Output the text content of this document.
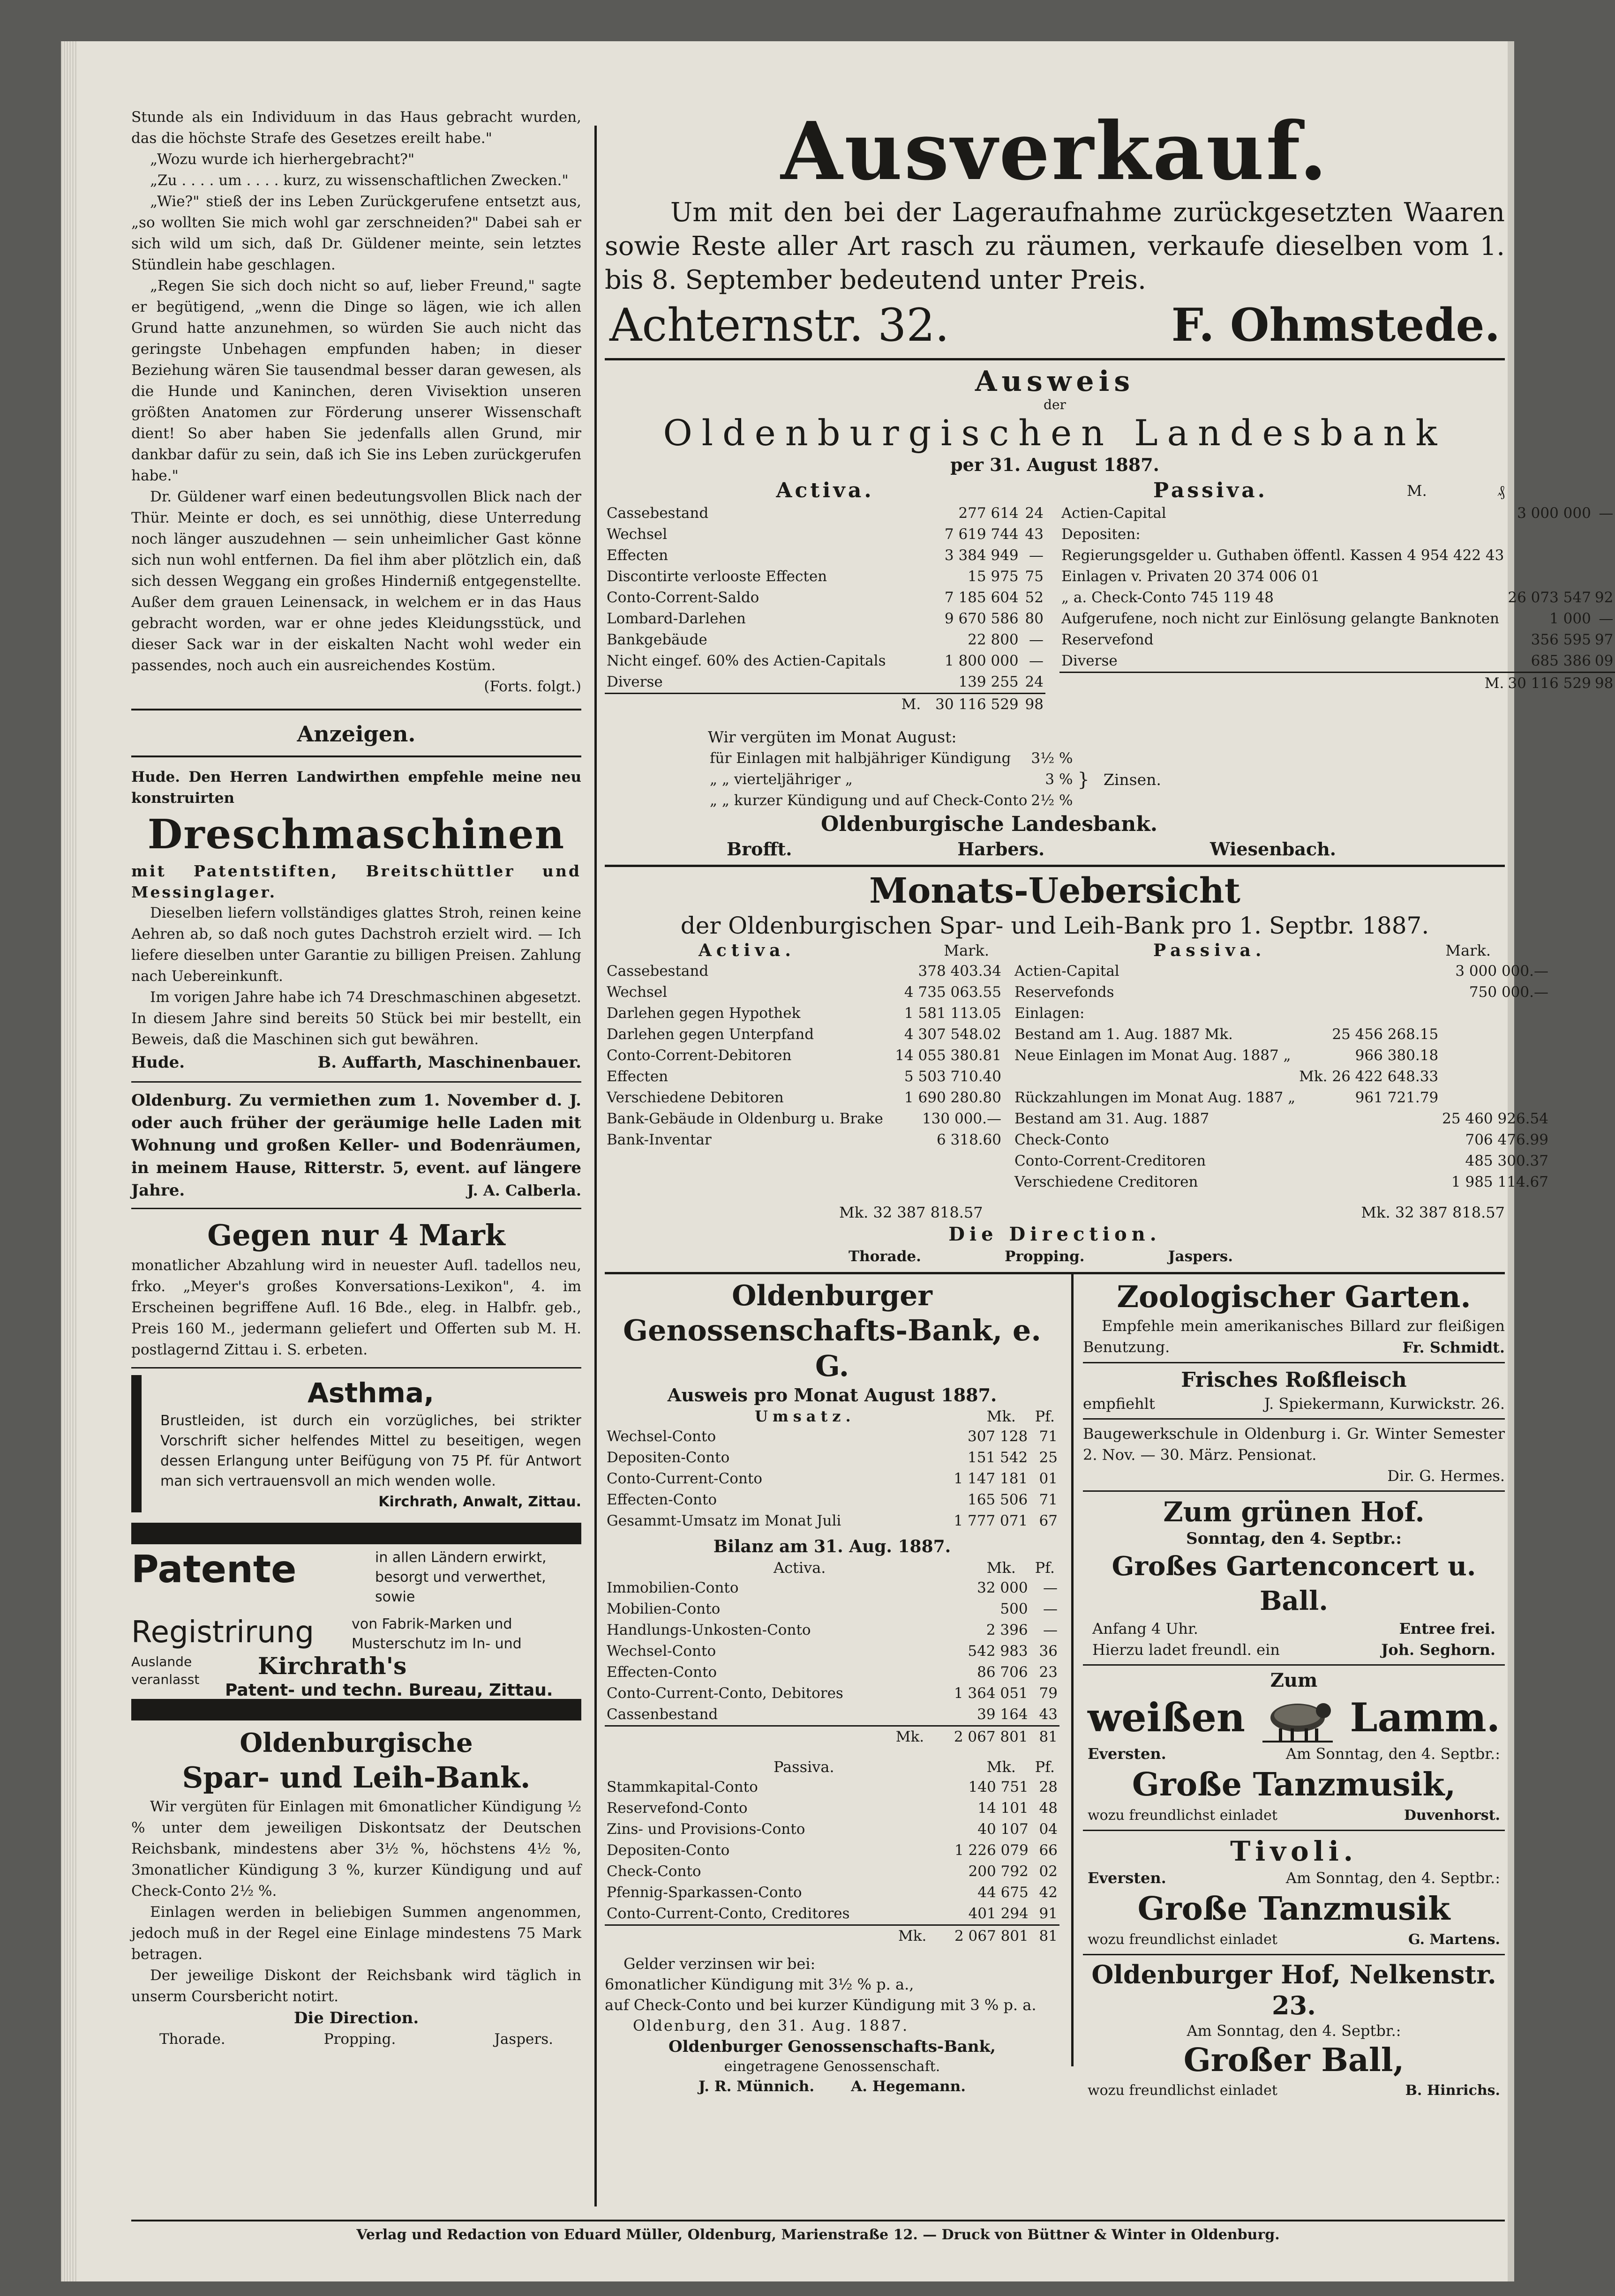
Stunde als ein Individuum in das Haus gebracht wurden, das die höchste Strafe des Gesetzes ereilt habe."

„Wozu wurde ich hierhergebracht?"

„Zu . . . . um . . . . kurz, zu wissenschaftlichen Zwecken."

„Wie?" stieß der ins Leben Zurückgerufene entsetzt aus, „so wollten Sie mich wohl gar zerschneiden?" Dabei sah er sich wild um sich, daß Dr. Güldener meinte, sein letztes Stündlein habe geschlagen.

„Regen Sie sich doch nicht so auf, lieber Freund," sagte er begütigend, „wenn die Dinge so lägen, wie ich allen Grund hatte anzunehmen, so würden Sie auch nicht das geringste Unbehagen empfunden haben; in dieser Beziehung wären Sie tausendmal besser daran gewesen, als die Hunde und Kaninchen, deren Vivisektion unseren größten Anatomen zur Förderung unserer Wissenschaft dient! So aber haben Sie jedenfalls allen Grund, mir dankbar dafür zu sein, daß ich Sie ins Leben zurückgerufen habe."

Dr. Güldener warf einen bedeutungsvollen Blick nach der Thür. Meinte er doch, es sei unnöthig, diese Unterredung noch länger auszudehnen — sein unheimlicher Gast könne sich nun wohl entfernen. Da fiel ihm aber plötzlich ein, daß sich dessen Weggang ein großes Hinderniß entgegenstellte. Außer dem grauen Leinensack, in welchem er in das Haus gebracht worden, war er ohne jedes Kleidungsstück, und dieser Sack war in der eiskalten Nacht wohl weder ein passendes, noch auch ein ausreichendes Kostüm.

(Forts. folgt.)

Anzeigen.

Hude. Den Herren Landwirthen empfehle meine neu konstruirten

Dreschmaschinen

mit Patentstiften, Breitschüttler und Messinglager.

Dieselben liefern vollständiges glattes Stroh, reinen keine Aehren ab, so daß noch gutes Dachstroh erzielt wird. — Ich liefere dieselben unter Garantie zu billigen Preisen. Zahlung nach Uebereinkunft.

Im vorigen Jahre habe ich 74 Dreschmaschinen abgesetzt. In diesem Jahre sind bereits 50 Stück bei mir bestellt, ein Beweis, daß die Maschinen sich gut bewähren.

Hude.	B. Auffarth, Maschinenbauer.

Oldenburg. Zu vermiethen zum 1. November d. J. oder auch früher der geräumige helle Laden mit Wohnung und großen Keller- und Bodenräumen, in meinem Hause, Ritterstr. 5, event. auf längere Jahre.	J. A. Calberla.

Gegen nur 4 Mark

monatlicher Abzahlung wird in neuester Aufl. tadellos neu, frko. „Meyer's großes Konversations-Lexikon", 4. im Erscheinen begriffene Aufl. 16 Bde., eleg. in Halbfr. geb., Preis 160 M., jedermann geliefert und Offerten sub M. H. postlagernd Zittau i. S. erbeten.

Asthma,

Brustleiden, ist durch ein vorzügliches, bei strikter Vorschrift sicher helfendes Mittel zu beseitigen, wegen dessen Erlangung unter Beifügung von 75 Pf. für Antwort man sich vertrauensvoll an mich wenden wolle.

Kirchrath, Anwalt, Zittau.

Patente	in allen Ländern erwirkt, besorgt und verwerthet, sowie
Registrirung	von Fabrik-Marken und Musterschutz im In- und
Auslande veranlasst	Kirchrath's
Patent- und techn. Bureau, Zittau.
Oldenburgische
Spar- und Leih-Bank.

Wir vergüten für Einlagen mit 6monatlicher Kündigung ½ % unter dem jeweiligen Diskontsatz der Deutschen Reichsbank, mindestens aber 3½ %, höchstens 4½ %, 3monatlicher Kündigung 3 %, kurzer Kündigung und auf Check-Conto 2½ %.

Einlagen werden in beliebigen Summen angenommen, jedoch muß in der Regel eine Einlage mindestens 75 Mark betragen.

Der jeweilige Diskont der Reichsbank wird täglich in unserm Coursbericht notirt.

Die Direction.
Thorade.	Propping.	Jaspers.
Ausverkauf.

Um mit den bei der Lageraufnahme zurückgesetzten Waaren sowie Reste aller Art rasch zu räumen, verkaufe dieselben vom 1. bis 8. September bedeutend unter Preis.

Achternstr. 32.	F. Ohmstede.
Ausweis
der
Oldenburgischen Landesbank
per 31. August 1887.
Activa.
Cassebestand	277 614	24
Wechsel	7 619 744	43
Effecten	3 384 949	—
Discontirte verlooste Effecten	15 975	75
Conto-Corrent-Saldo	7 185 604	52
Lombard-Darlehen	9 670 586	80
Bankgebäude	22 800	—
Nicht eingef. 60% des Actien-Capitals	1 800 000	—
Diverse	139 255	24
M.	30 116 529	98
Passiva.	M.	₰
Actien-Capital	3 000 000	—
Depositen:		
Regierungsgelder u. Guthaben öffentl. Kassen 4 954 422 43		
Einlagen v. Privaten 20 374 006 01		
„ a. Check-Conto 745 119 48	26 073 547	92
Aufgerufene, noch nicht zur Einlösung gelangte Banknoten	1 000	—
Reservefond	356 595	97
Diverse	685 386	09
M.	30 116 529	98
Wir vergüten im Monat August:
für Einlagen mit halbjähriger Kündigung	3½ %
„ „ vierteljähriger „	3 %
„ „ kurzer Kündigung und auf Check-Conto	2½ %
} Zinsen.
Oldenburgische Landesbank.
Brofft.	Harbers.	Wiesenbach.
Monats-Uebersicht
der Oldenburgischen Spar- und Leih-Bank pro 1. Septbr. 1887.
Activa.	Mark.
Cassebestand	378 403.34
Wechsel	4 735 063.55
Darlehen gegen Hypothek	1 581 113.05
Darlehen gegen Unterpfand	4 307 548.02
Conto-Corrent-Debitoren	14 055 380.81
Effecten	5 503 710.40
Verschiedene Debitoren	1 690 280.80
Bank-Gebäude in Oldenburg u. Brake	130 000.—
Bank-Inventar	6 318.60
Passiva.	Mark.
Actien-Capital		3 000 000.—
Reservefonds		750 000.—
Einlagen:		
Bestand am 1. Aug. 1887 Mk.	25 456 268.15	
Neue Einlagen im Monat Aug. 1887 „	966 380.18	
	Mk. 26 422 648.33	
Rückzahlungen im Monat Aug. 1887 „	961 721.79	
Bestand am 31. Aug. 1887		25 460 926.54
Check-Conto		706 476.99
Conto-Corrent-Creditoren		485 300.37
Verschiedene Creditoren		1 985 114.67
Mk. 32 387 818.57	Mk. 32 387 818.57
Die Direction.
Thorade.	Propping.	Jaspers.
Oldenburger
Genossenschafts-Bank, e. G.
Ausweis pro Monat August 1887.
Umsatz.	Mk. Pf.
Wechsel-Conto	307 128	71
Depositen-Conto	151 542	25
Conto-Current-Conto	1 147 181	01
Effecten-Conto	165 506	71
Gesammt-Umsatz im Monat Juli	1 777 071	67
Bilanz am 31. Aug. 1887.
Activa.	Mk. Pf.
Immobilien-Conto	32 000	—
Mobilien-Conto	500	—
Handlungs-Unkosten-Conto	2 396	—
Wechsel-Conto	542 983	36
Effecten-Conto	86 706	23
Conto-Current-Conto, Debitores	1 364 051	79
Cassenbestand	39 164	43
Mk.	2 067 801	81
Passiva.	Mk. Pf.
Stammkapital-Conto	140 751	28
Reservefond-Conto	14 101	48
Zins- und Provisions-Conto	40 107	04
Depositen-Conto	1 226 079	66
Check-Conto	200 792	02
Pfennig-Sparkassen-Conto	44 675	42
Conto-Current-Conto, Creditores	401 294	91
Mk.	2 067 801	81
Gelder verzinsen wir bei:
6monatlicher Kündigung mit 3½ % p. a.,
auf Check-Conto und bei kurzer Kündigung mit 3 % p. a.
Oldenburg, den 31. Aug. 1887.
Oldenburger Genossenschafts-Bank,
eingetragene Genossenschaft.
J. R. Münnich.	A. Hegemann.
Zoologischer Garten.

Empfehle mein amerikanisches Billard zur fleißigen Benutzung.	Fr. Schmidt.

Frisches Roßfleisch
empfiehlt	J. Spiekermann, Kurwickstr. 26.

Baugewerkschule in Oldenburg i. Gr. Winter Semester 2. Nov. — 30. März. Pensionat.

Dir. G. Hermes.

Zum grünen Hof.
Sonntag, den 4. Septbr.:
Großes Gartenconcert u. Ball.
Anfang 4 Uhr.	Entree frei.
Hierzu ladet freundl. ein	Joh. Seghorn.
Zum
weißen	Lamm.
Eversten.	Am Sonntag, den 4. Septbr.:
Große Tanzmusik,
wozu freundlichst einladet	Duvenhorst.
Tivoli.
Eversten.	Am Sonntag, den 4. Septbr.:
Große Tanzmusik
wozu freundlichst einladet	G. Martens.
Oldenburger Hof, Nelkenstr. 23.
Am Sonntag, den 4. Septbr.:
Großer Ball,
wozu freundlichst einladet	B. Hinrichs.
Verlag und Redaction von Eduard Müller, Oldenburg, Marienstraße 12. — Druck von Büttner & Winter in Oldenburg.
